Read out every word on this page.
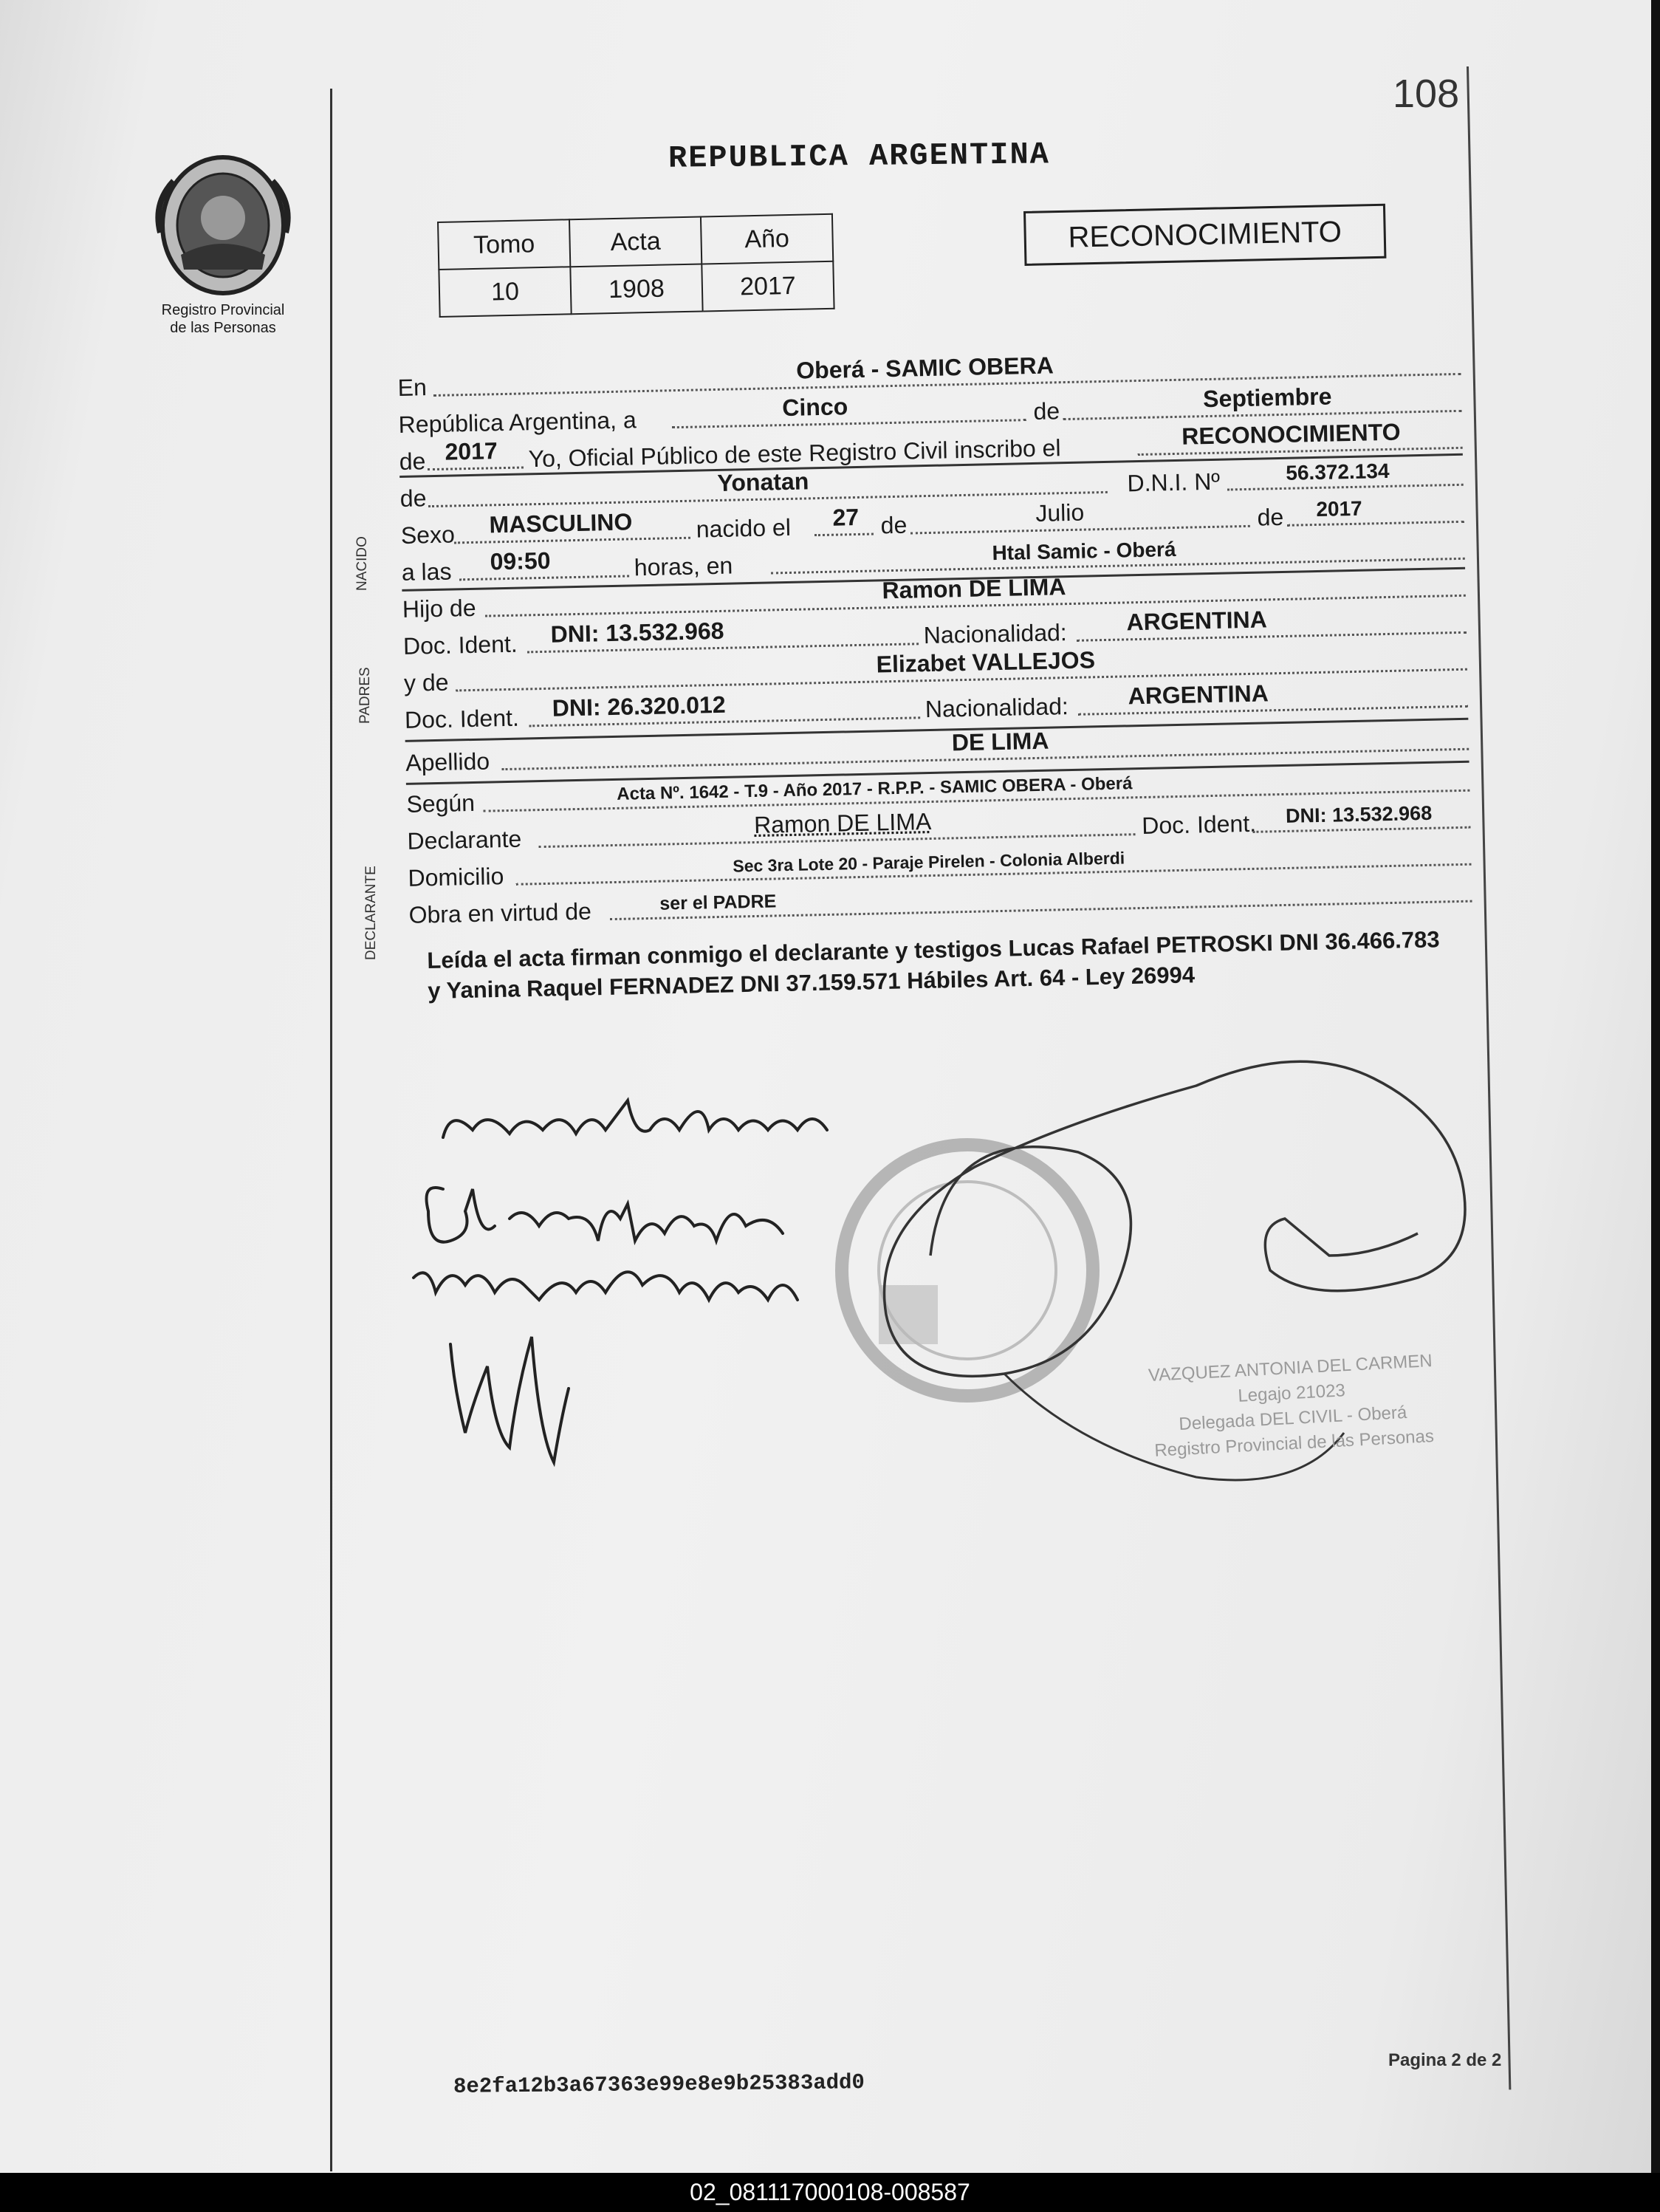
108
Registro Provincial
de las Personas
REPUBLICA ARGENTINA
Tomo	Acta	Año
10	1908	2017
RECONOCIMIENTO
NACIDO
PADRES
DECLARANTE
En
Oberá - SAMIC OBERA
República Argentina, a	Cinco	de	Septiembre
de 2017 Yo, Oficial Público de este Registro Civil inscribo el
RECONOCIMIENTO
de
Yonatan	D.N.I. Nº	56.372.134
Sexo MASCULINO	nacido el 27 de	Julio	de 2017
a las 09:50	horas, en
Htal Samic - Oberá
Hijo de
Ramon DE LIMA
Doc. Ident. DNI: 13.532.968	Nacionalidad:	ARGENTINA
y de
Elizabet VALLEJOS
Doc. Ident. DNI: 26.320.012	Nacionalidad:	ARGENTINA
Apellido
DE LIMA
Según	Acta Nº. 1642 - T.9 - Año 2017 - R.P.P. - SAMIC OBERA - Oberá
Declarante
Ramon DE LIMA	Doc. Ident. DNI: 13.532.968
Domicilio
Sec 3ra Lote 20 - Paraje Pirelen - Colonia Alberdi
Obra en virtud de	ser el PADRE
Leída el acta firman conmigo el declarante y testigos Lucas Rafael PETROSKI DNI 36.466.783 y Yanina Raquel FERNADEZ DNI 37.159.571 Hábiles Art. 64 - Ley 26994
VAZQUEZ ANTONIA DEL CARMEN
Legajo 21023
Delegada DEL CIVIL - Oberá
Registro Provincial de las Personas
Pagina 2 de 2
8e2fa12b3a67363e99e8e9b25383add0
02_081117000108-008587
